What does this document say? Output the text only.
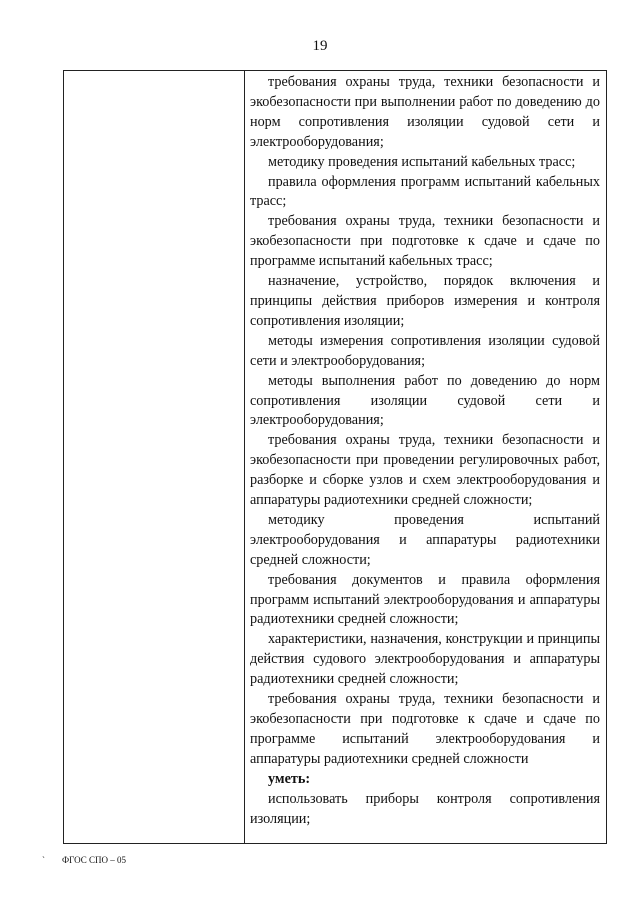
19

требования охраны труда, техники безопасности и экобезопасности при выполнении работ по доведению до норм сопротивления изоляции судовой сети и электрооборудования;

методику проведения испытаний кабельных трасс;

правила оформления программ испытаний кабельных трасс;

требования охраны труда, техники безопасности и экобезопасности при подготовке к сдаче и сдаче по программе испытаний кабельных трасс;

назначение, устройство, порядок включения и принципы действия приборов измерения и контроля сопротивления изоляции;

методы измерения сопротивления изоляции судовой сети и электрооборудования;

методы выполнения работ по доведению до норм сопротивления изоляции судовой сети и электрооборудования;

требования охраны труда, техники безопасности и экобезопасности при проведении регулировочных работ, разборке и сборке узлов и схем электрооборудования и аппаратуры радиотехники средней сложности;

методику проведения испытаний электрооборудования и аппаратуры радиотехники средней сложности;

требования документов и правила оформления программ испытаний электрооборудования и аппаратуры радиотехники средней сложности;

характеристики, назначения, конструкции и принципы действия судового электрооборудования и аппаратуры радиотехники средней сложности;

требования охраны труда, техники безопасности и экобезопасности при подготовке к сдаче и сдаче по программе испытаний электрооборудования и аппаратуры радиотехники средней сложности

уметь:

использовать приборы контроля сопротивления изоляции;

` ФГОС СПО – 05
